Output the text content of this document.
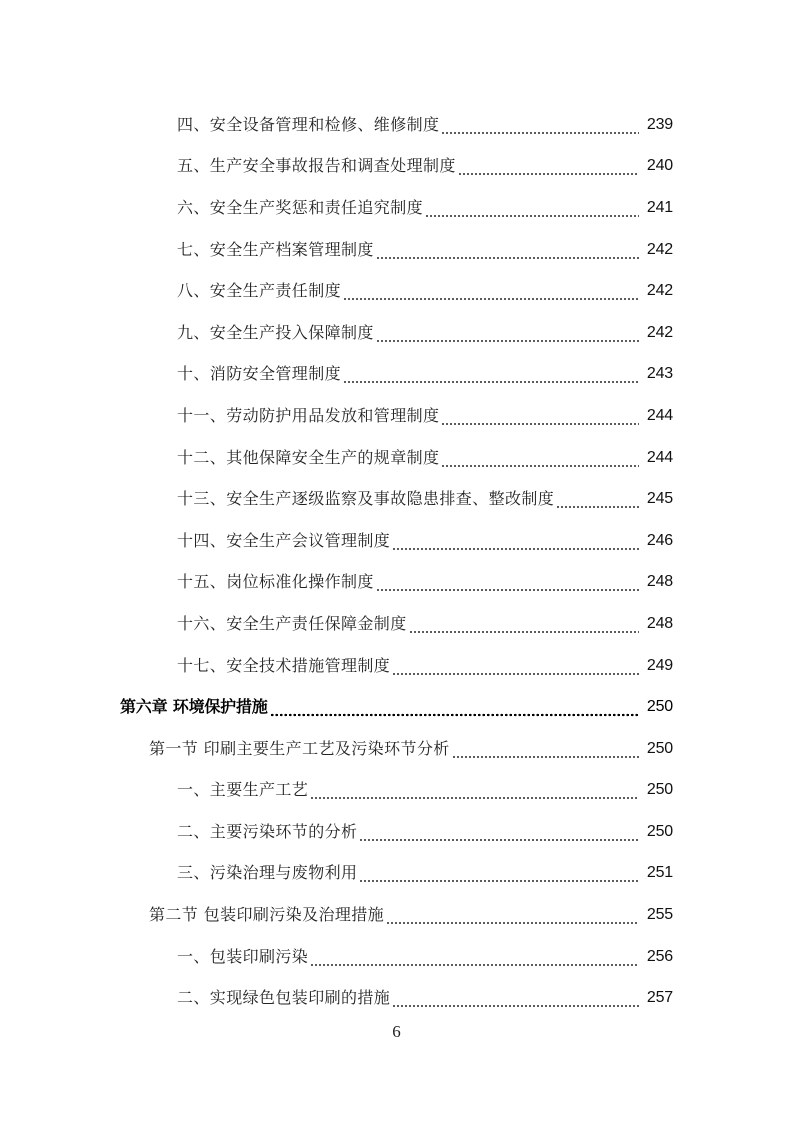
四、安全设备管理和检修、维修制度	239
五、生产安全事故报告和调查处理制度	240
六、安全生产奖惩和责任追究制度	241
七、安全生产档案管理制度	242
八、安全生产责任制度	242
九、安全生产投入保障制度	242
十、消防安全管理制度	243
十一、劳动防护用品发放和管理制度	244
十二、其他保障安全生产的规章制度	244
十三、安全生产逐级监察及事故隐患排查、整改制度	245
十四、安全生产会议管理制度	246
十五、岗位标准化操作制度	248
十六、安全生产责任保障金制度	248
十七、安全技术措施管理制度	249
第六章 环境保护措施	250
第一节 印刷主要生产工艺及污染环节分析	250
一、主要生产工艺	250
二、主要污染环节的分析	250
三、污染治理与废物利用	251
第二节 包装印刷污染及治理措施	255
一、包装印刷污染	256
二、实现绿色包装印刷的措施	257
6
